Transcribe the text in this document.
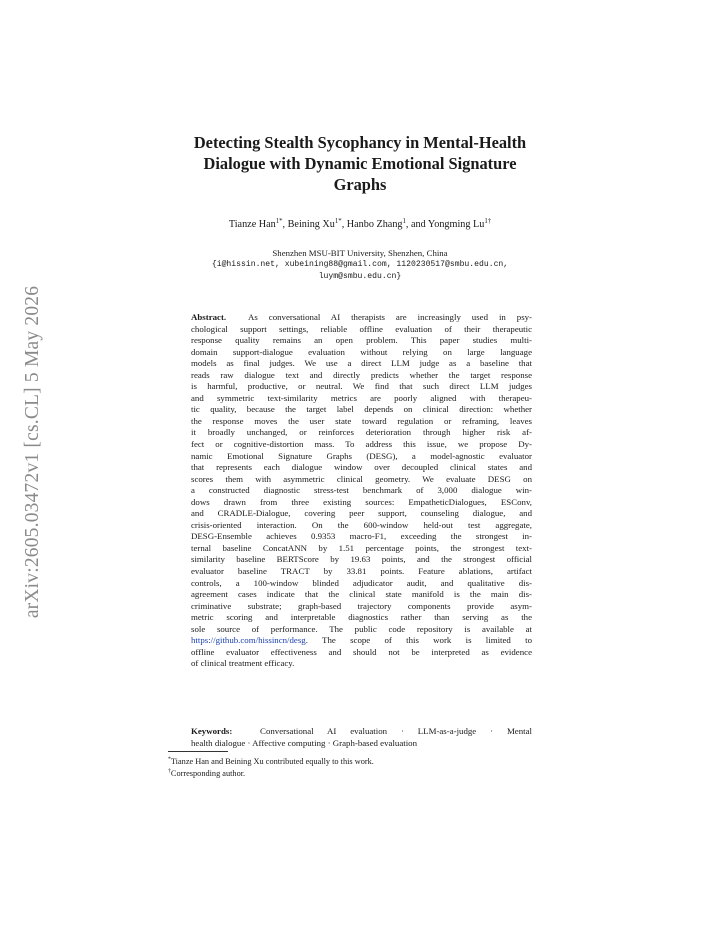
arXiv:2605.03472v1 [cs.CL] 5 May 2026
Detecting Stealth Sycophancy in Mental-Health
Dialogue with Dynamic Emotional Signature
Graphs
Tianze Han$^{1*}$, Beining $Xu^{1*}$, Hanbo Zhang$^1$, and Yongming $Lu^{1\dagger}$
Shenzhen MSU-BIT University, Shenzhen, China
{i@hissin.net, xubeining88@gmail.com, 1120230517@smbu.edu.cn,
luym@smbu.edu.cn}
Abstract. As conversational AI therapists are increasingly used in psy-
chological support settings, reliable offline evaluation of their therapeutic
response quality remains an open problem. This paper studies multi-
domain support-dialogue evaluation without relying on large language
models as final judges. We use a direct LLM judge as a baseline that
reads raw dialogue text and directly predicts whether the target response
is harmful, productive, or neutral. We find that such direct LLM judges
and symmetric text-similarity metrics are poorly aligned with therapeu-
tic quality, because the target label depends on clinical direction: whether
the response moves the user state toward regulation or reframing, leaves
it broadly unchanged, or reinforces deterioration through higher risk af-
fect or cognitive-distortion mass. To address this issue, we propose Dy-
namic Emotional Signature Graphs (DESG), a model-agnostic evaluator
that represents each dialogue window over decoupled clinical states and
scores them with asymmetric clinical geometry. We evaluate DESG on
a constructed diagnostic stress-test benchmark of 3,000 dialogue win-
dows drawn from three existing sources: EmpatheticDialogues, ESConv,
and CRADLE-Dialogue, covering peer support, counseling dialogue, and
crisis-oriented interaction. On the 600-window held-out test aggregate,
DESG-Ensemble achieves 0.9353 macro-F1, exceeding the strongest in-
ternal baseline ConcatANN by 1.51 percentage points, the strongest text-
similarity baseline BERTScore by 19.63 points, and the strongest official
evaluator baseline TRACT by 33.81 points. Feature ablations, artifact
controls, a 100-window blinded adjudicator audit, and qualitative dis-
agreement cases indicate that the clinical state manifold is the main dis-
criminative substrate; graph-based trajectory components provide asym-
metric scoring and interpretable diagnostics rather than serving as the
sole source of performance. The public code repository is available at
https://github.com/hissincn/desg. The scope of this work is limited to
offline evaluator effectiveness and should not be interpreted as evidence
of clinical treatment efficacy.
Keywords:	Conversational AI evaluation · LLM-as-a-judge · Mental
health dialogue · Affective computing · Graph-based evaluation
*Tianze Han and Beining Xu contributed equally to this work.
†Corresponding author.
